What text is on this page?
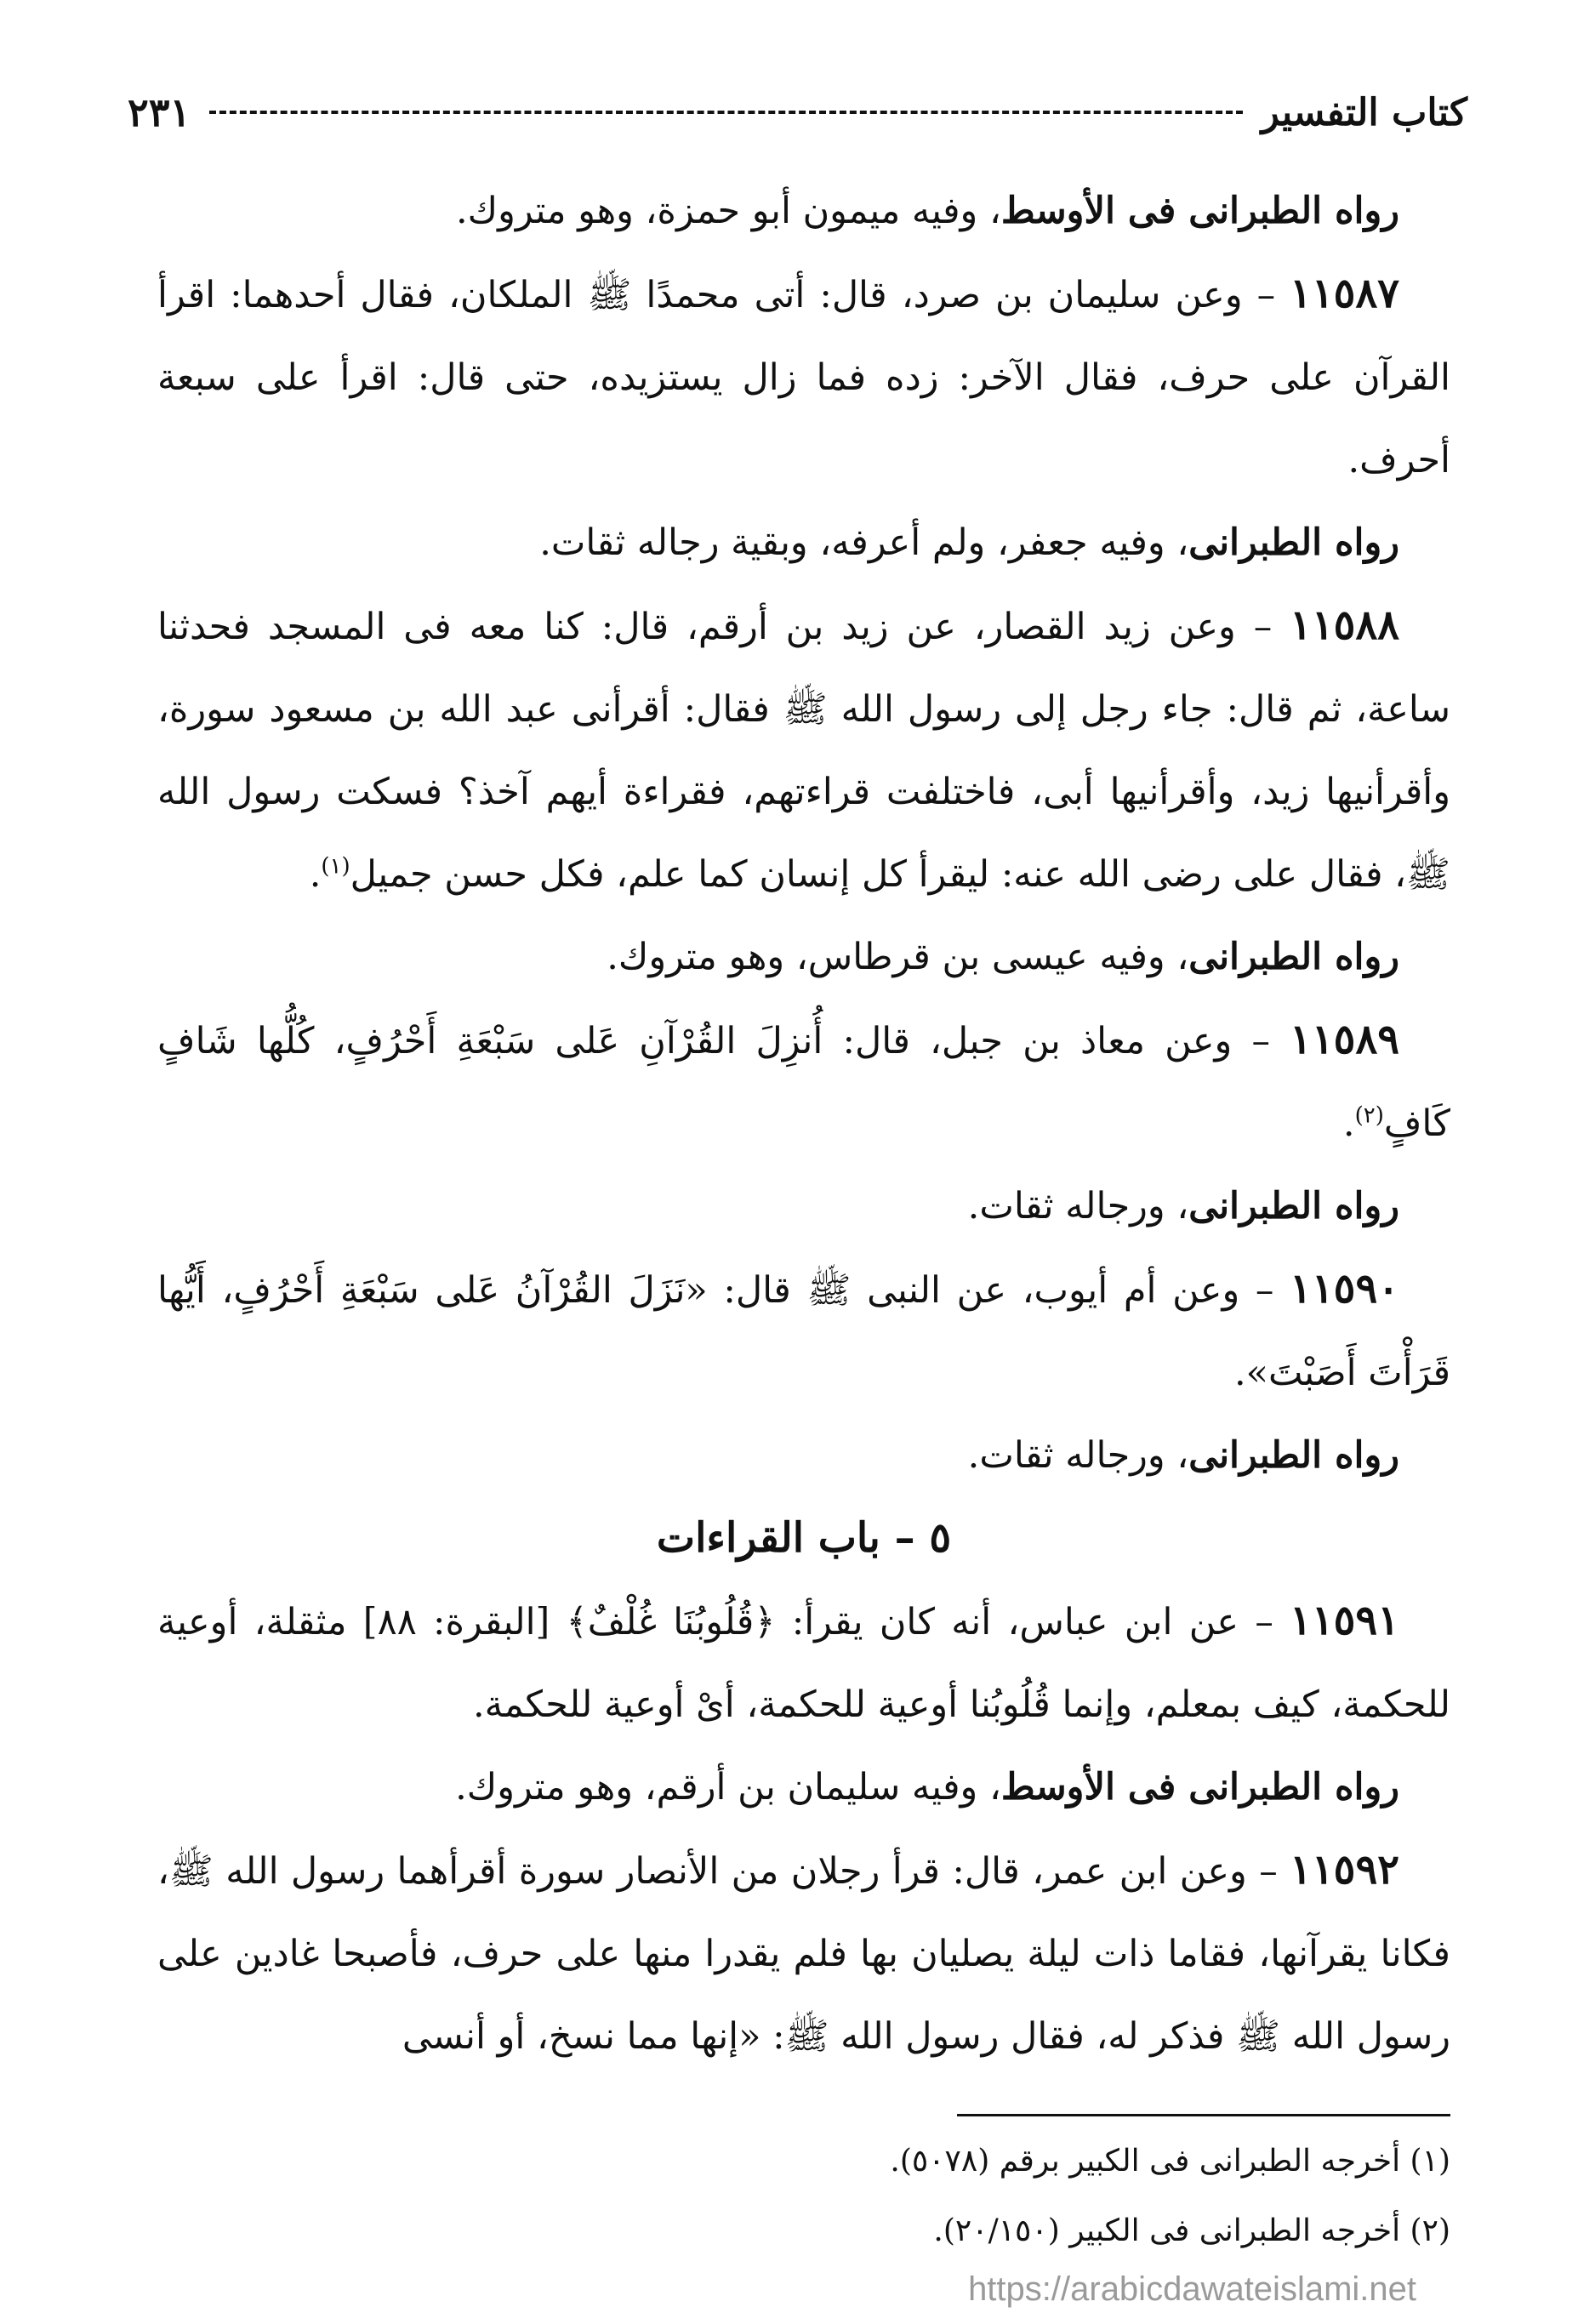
كتاب التفسير
٢٣١

رواه الطبرانى فى الأوسط، وفيه ميمون أبو حمزة، وهو متروك.

١١٥٨٧ – وعن سليمان بن صرد، قال: أتى محمدًا ﷺ الملكان، فقال أحدهما: اقرأ القرآن على حرف، فقال الآخر: زده فما زال يستزيده، حتى قال: اقرأ على سبعة أحرف.

رواه الطبرانى، وفيه جعفر، ولم أعرفه، وبقية رجاله ثقات.

١١٥٨٨ – وعن زيد القصار، عن زيد بن أرقم، قال: كنا معه فى المسجد فحدثنا ساعة، ثم قال: جاء رجل إلى رسول الله ﷺ فقال: أقرأنى عبد الله بن مسعود سورة، وأقرأنيها زيد، وأقرأنيها أبى، فاختلفت قراءتهم، فقراءة أيهم آخذ؟ فسكت رسول الله ﷺ، فقال على رضى الله عنه: ليقرأ كل إنسان كما علم، فكل حسن جميل$^{(١)}$.

رواه الطبرانى، وفيه عيسى بن قرطاس، وهو متروك.

١١٥٨٩ – وعن معاذ بن جبل، قال: أُنزِلَ القُرْآنِ عَلى سَبْعَةِ أَحْرُفٍ، كُلُّها شَافٍ كَافٍ$^{(٢)}$.

رواه الطبرانى، ورجاله ثقات.

١١٥٩٠ – وعن أم أيوب، عن النبى ﷺ قال: «نَزَلَ القُرْآنُ عَلى سَبْعَةِ أَحْرُفٍ، أَيُّها قَرَأْتَ أَصَبْتَ».

رواه الطبرانى، ورجاله ثقات.

٥ – باب القراءات

١١٥٩١ – عن ابن عباس، أنه كان يقرأ: ﴿قُلُوبُنَا غُلْفٌ﴾ [البقرة: ٨٨] مثقلة، أوعية للحكمة، كيف بمعلم، وإنما قُلُوبُنا أوعية للحكمة، أىْ أوعية للحكمة.

رواه الطبرانى فى الأوسط، وفيه سليمان بن أرقم، وهو متروك.

١١٥٩٢ – وعن ابن عمر، قال: قرأ رجلان من الأنصار سورة أقرأهما رسول الله ﷺ، فكانا يقرآنها، فقاما ذات ليلة يصليان بها فلم يقدرا منها على حرف، فأصبحا غادين على رسول الله ﷺ فذكر له، فقال رسول الله ﷺ: «إنها مما نسخ، أو أنسى

(١) أخرجه الطبرانى فى الكبير برقم (٥٠٧٨).

(٢) أخرجه الطبرانى فى الكبير (٢٠/١٥٠).

https://arabicdawateislami.net
